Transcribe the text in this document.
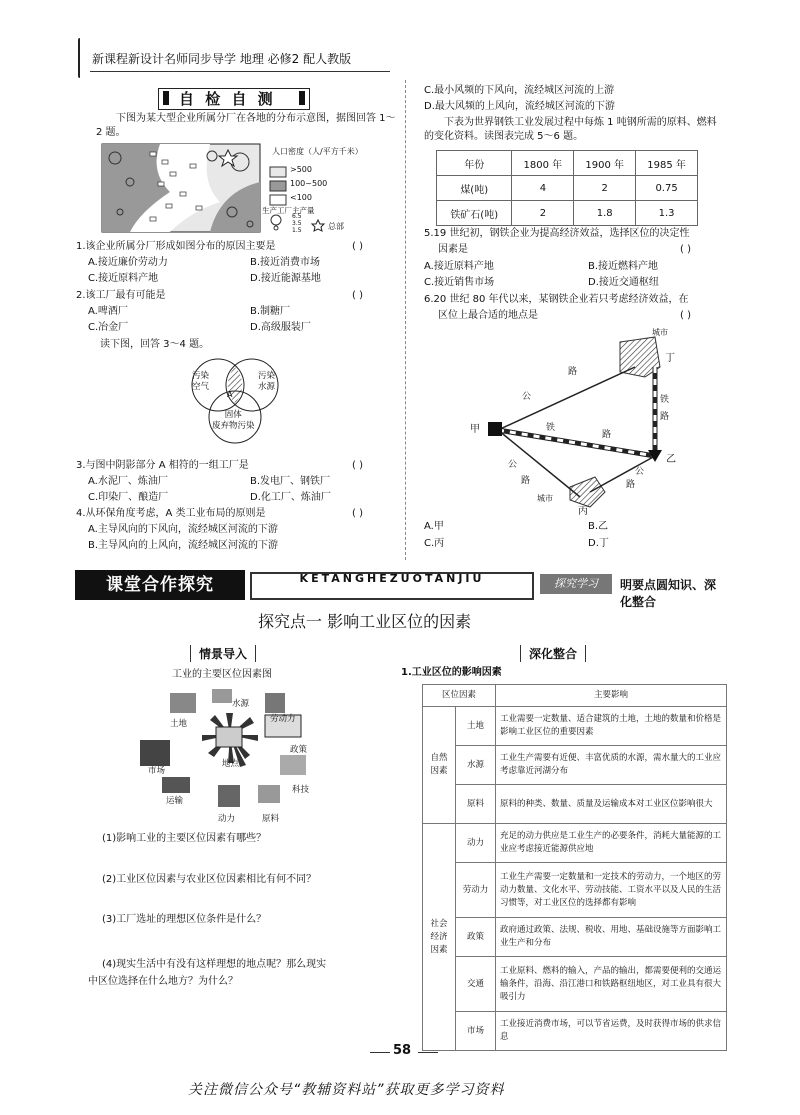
新课程新设计名师同步导学 地理 必修2 配人教版
自 检 自 测
下图为某大型企业所属分厂在各地的分布示意图，据图回答 1～2 题。
人口密度（人/平方千米）
>500
100~500
<100
生产工厂主产量
6.5
3.5
1.5	总部
1.该企业所属分厂形成如图分布的原因主要是	( )
A.接近廉价劳动力	B.接近消费市场
C.接近原料产地	D.接近能源基地
2.该工厂最有可能是	( )
A.啤酒厂	B.制糖厂
C.冶金厂	D.高级服装厂
读下图，回答 3～4 题。
污染
空气
污染
水源
固体
废弃物污染
A
3.与图中阴影部分 A 相符的一组工厂是	( )
A.水泥厂、炼油厂	B.发电厂、钢铁厂
C.印染厂、酿造厂	D.化工厂、炼油厂
4.从环保角度考虑，A 类工业布局的原则是	( )
A.主导风向的下风向，流经城区河流的下游
B.主导风向的上风向，流经城区河流的下游
C.最小风频的下风向，流经城区河流的上游
D.最大风频的上风向，流经城区河流的下游
下表为世界钢铁工业发展过程中每炼 1 吨钢所需的原料、燃料的变化资料。读图表完成 5～6 题。
年份	1800 年	1900 年	1985 年
煤(吨)	4	2	0.75
铁矿石(吨)	2	1.8	1.3
5.19 世纪初，钢铁企业为提高经济效益，选择区位的决定性
因素是	( )
A.接近原料产地	B.接近燃料产地
C.接近销售市场	D.接近交通枢纽
6.20 世纪 80 年代以来，某钢铁企业若只考虑经济效益，在
区位上最合适的地点是	( )
城市
丁
甲
乙
丙
城市
公
路
铁
路
铁
路
公
路
公
路
A.甲	B.乙
C.丙	D.丁
课堂合作探究	KETANGHEZUOTANJIU	探究学习	明要点圆知识、深化整合
探究点一 影响工业区位的因素
情景导入
工业的主要区位因素图
土地
水源
劳动力
政策
市场
地点
科技
运输
动力	原料
(1)影响工业的主要区位因素有哪些？
(2)工业区位因素与农业区位因素相比有何不同？
(3)工厂选址的理想区位条件是什么？
(4)现实生活中有没有这样理想的地点呢？那么现实
中区位选择在什么地方？为什么？
深化整合
1.工业区位的影响因素
区位因素		主要影响
自然因素	土地	工业需要一定数量、适合建筑的土地，土地的数量和价格是影响工业区位的重要因素
	水源	工业生产需要有近便、丰富优质的水源，需水量大的工业应考虑靠近河湖分布
	原料	原料的种类、数量、质量及运输成本对工业区位影响很大
社会经济因素	动力	充足的动力供应是工业生产的必要条件，消耗大量能源的工业应考虑接近能源供应地
	劳动力	工业生产需要一定数量和一定技术的劳动力，一个地区的劳动力数量、文化水平、劳动技能、工资水平以及人民的生活习惯等，对工业区位的选择都有影响
	政策	政府通过政策、法规、税收、用地、基础设施等方面影响工业生产和分布
	交通	工业原料、燃料的输入，产品的输出，都需要便利的交通运输条件，沿海、沿江港口和铁路枢纽地区，对工业具有很大吸引力
	市场	工业接近消费市场，可以节省运费，及时获得市场的供求信息
58
关注微信公众号“教辅资料站”获取更多学习资料
